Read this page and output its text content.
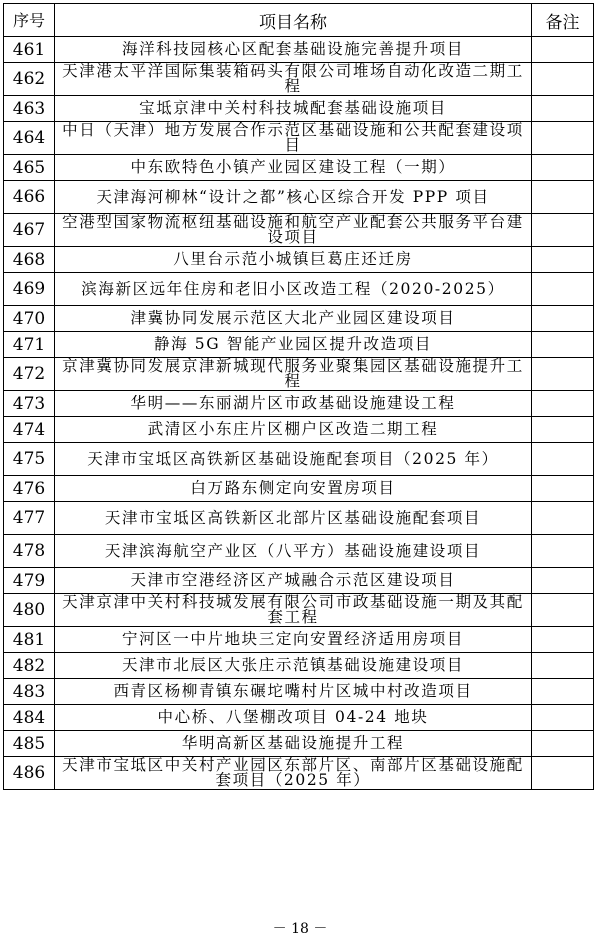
序号	项目名称	备注
461	海洋科技园核心区配套基础设施完善提升项目	
462	天津港太平洋国际集装箱码头有限公司堆场自动化改造二期工程	
463	宝坻京津中关村科技城配套基础设施项目	
464	中日（天津）地方发展合作示范区基础设施和公共配套建设项目	
465	中东欧特色小镇产业园区建设工程（一期）	
466	天津海河柳林“设计之都”核心区综合开发 PPP 项目	
467	空港型国家物流枢纽基础设施和航空产业配套公共服务平台建设项目	
468	八里台示范小城镇巨葛庄还迁房	
469	滨海新区远年住房和老旧小区改造工程（2020-2025）	
470	津冀协同发展示范区大北产业园区建设项目	
471	静海 5G 智能产业园区提升改造项目	
472	京津冀协同发展京津新城现代服务业聚集园区基础设施提升工程	
473	华明——东丽湖片区市政基础设施建设工程	
474	武清区小东庄片区棚户区改造二期工程	
475	天津市宝坻区高铁新区基础设施配套项目（2025 年）	
476	白万路东侧定向安置房项目	
477	天津市宝坻区高铁新区北部片区基础设施配套项目	
478	天津滨海航空产业区（八平方）基础设施建设项目	
479	天津市空港经济区产城融合示范区建设项目	
480	天津京津中关村科技城发展有限公司市政基础设施一期及其配套工程	
481	宁河区一中片地块三定向安置经济适用房项目	
482	天津市北辰区大张庄示范镇基础设施建设项目	
483	西青区杨柳青镇东碾坨嘴村片区城中村改造项目	
484	中心桥、八堡棚改项目 04-24 地块	
485	华明高新区基础设施提升工程	
486	天津市宝坻区中关村产业园区东部片区、南部片区基础设施配套项目（2025 年）	
－ 18 －
